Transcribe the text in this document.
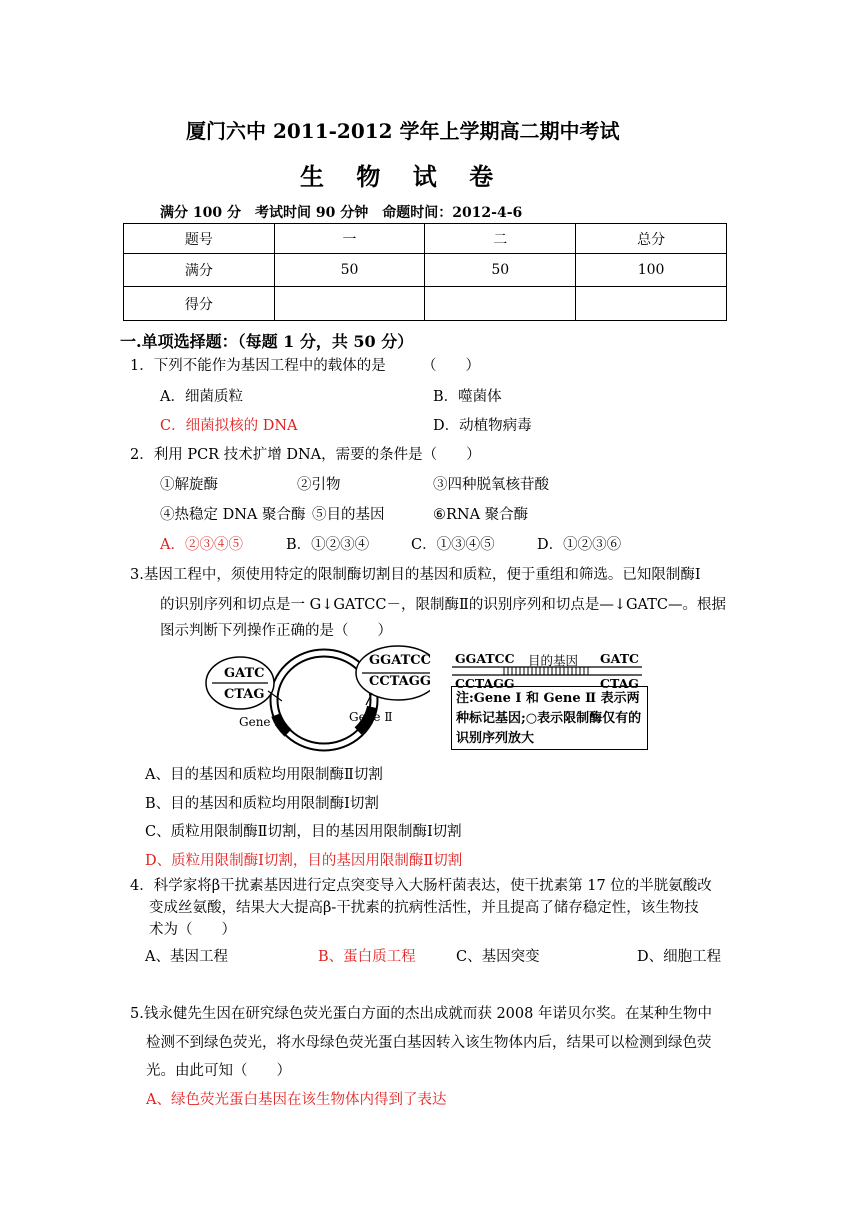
厦门六中 2011-2012 学年上学期高二期中考试
生 物 试 卷
满分 100 分　考试时间 90 分钟　命题时间：2012-4-6
题号	一	二	总分
满分	50	50	100
得分			
一.单项选择题：（每题 1 分，共 50 分）
1．下列不能作为基因工程中的载体的是　　　（　　）
A．细菌质粒	B．噬菌体
C．细菌拟核的 DNA	D．动植物病毒
2．利用 PCR 技术扩增 DNA，需要的条件是（　　）
①解旋酶	②引物	③四种脱氧核苷酸
④热稳定 DNA 聚合酶 ⑤目的基因	⑥RNA 聚合酶
A．②③④⑤	B．①②③④	C．①③④⑤	D．①②③⑥
3.基因工程中，须使用特定的限制酶切割目的基因和质粒，便于重组和筛选。已知限制酶Ⅰ
的识别序列和切点是一 G↓GATCC－，限制酶Ⅱ的识别序列和切点是—↓GATC—。根据
图示判断下列操作正确的是（　　）
GATC
CTAG
GGATCC
CCTAGG
Gene Ⅰ	Gene Ⅱ
GGATCC 目的基因 GATC
CCTAGG	CTAG
注:Gene Ⅰ 和 Gene Ⅱ 表示两种标记基因;○表示限制酶仅有的识别序列放大
A、目的基因和质粒均用限制酶Ⅱ切割
B、目的基因和质粒均用限制酶Ⅰ切割
C、质粒用限制酶Ⅱ切割，目的基因用限制酶Ⅰ切割
D、质粒用限制酶Ⅰ切割，目的基因用限制酶Ⅱ切割
4．科学家将β干扰素基因进行定点突变导入大肠杆菌表达，使干扰素第 17 位的半胱氨酸改
变成丝氨酸，结果大大提高β-干扰素的抗病性活性，并且提高了储存稳定性，该生物技
术为（　　）
A、基因工程	B、蛋白质工程	C、基因突变	D、细胞工程
5.钱永健先生因在研究绿色荧光蛋白方面的杰出成就而获 2008 年诺贝尔奖。在某种生物中
检测不到绿色荧光，将水母绿色荧光蛋白基因转入该生物体内后，结果可以检测到绿色荧
光。由此可知（　　）
A、绿色荧光蛋白基因在该生物体内得到了表达
